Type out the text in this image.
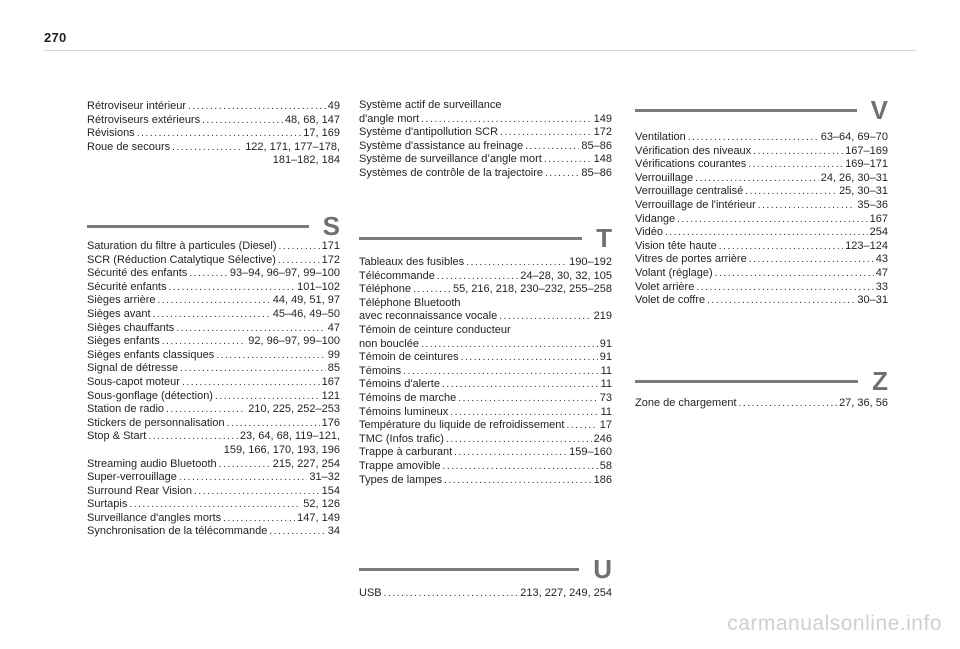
270
Rétroviseur intérieur .....	49
Rétroviseurs extérieurs .....	48, 68, 147
Révisions .....	17, 169
Roue de secours .....	122, 171, 177–178,
181–182, 184
S
Saturation du filtre à particules (Diesel) .....	171
SCR (Réduction Catalytique Sélective) .....	172
Sécurité des enfants .....	93–94, 96–97, 99–100
Sécurité enfants .....	101–102
Sièges arrière .....	44, 49, 51, 97
Sièges avant .....	45–46, 49–50
Sièges chauffants .....	47
Sièges enfants .....	92, 96–97, 99–100
Sièges enfants classiques .....	99
Signal de détresse .....	85
Sous-capot moteur .....	167
Sous-gonflage (détection) .....	121
Station de radio .....	210, 225, 252–253
Stickers de personnalisation .....	176
Stop & Start .....	23, 64, 68, 119–121,
159, 166, 170, 193, 196
Streaming audio Bluetooth .....	215, 227, 254
Super-verrouillage .....	31–32
Surround Rear Vision .....	154
Surtapis .....	52, 126
Surveillance d'angles morts .....	147, 149
Synchronisation de la télécommande .....	34
Système actif de surveillance
d'angle mort .....	149
Système d'antipollution SCR .....	172
Système d'assistance au freinage .....	85–86
Système de surveillance d’angle mort .....	148
Systèmes de contrôle de la trajectoire .....	85–86
T
Tableaux des fusibles .....	190–192
Télécommande .....	24–28, 30, 32, 105
Téléphone .....	55, 216, 218, 230–232, 255–258
Téléphone Bluetooth
avec reconnaissance vocale .....	219
Témoin de ceinture conducteur
non bouclée .....	91
Témoin de ceintures .....	91
Témoins .....	11
Témoins d'alerte .....	11
Témoins de marche .....	73
Témoins lumineux .....	11
Température du liquide de refroidissement .....	17
TMC (Infos trafic) .....	246
Trappe à carburant .....	159–160
Trappe amovible .....	58
Types de lampes .....	186
U
USB .....	213, 227, 249, 254
V
Ventilation .....	63–64, 69–70
Vérification des niveaux .....	167–169
Vérifications courantes .....	169–171
Verrouillage .....	24, 26, 30–31
Verrouillage centralisé .....	25, 30–31
Verrouillage de l'intérieur .....	35–36
Vidange .....	167
Vidéo .....	254
Vision tête haute .....	123–124
Vitres de portes arrière .....	43
Volant (réglage) .....	47
Volet arrière .....	33
Volet de coffre .....	30–31
Z
Zone de chargement .....	27, 36, 56
carmanualsonline.info
